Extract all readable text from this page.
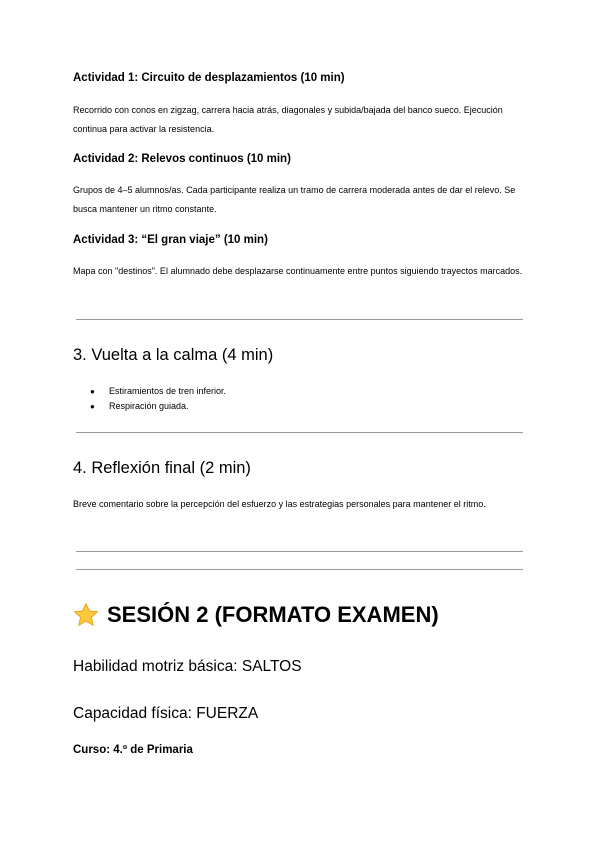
Actividad 1: Circuito de desplazamientos (10 min)
Recorrido con conos en zigzag, carrera hacia atrás, diagonales y subida/bajada del banco sueco. Ejecución continua para activar la resistencia.
Actividad 2: Relevos continuos (10 min)
Grupos de 4–5 alumnos/as. Cada participante realiza un tramo de carrera moderada antes de dar el relevo. Se busca mantener un ritmo constante.
Actividad 3: “El gran viaje” (10 min)
Mapa con "destinos". El alumnado debe desplazarse continuamente entre puntos siguiendo trayectos marcados.
3. Vuelta a la calma (4 min)
● Estiramientos de tren inferior.
● Respiración guiada.
4. Reflexión final (2 min)
Breve comentario sobre la percepción del esfuerzo y las estrategias personales para mantener el ritmo.
SESIÓN 2 (FORMATO EXAMEN)
Habilidad motriz básica: SALTOS
Capacidad física: FUERZA
Curso: 4.º de Primaria
